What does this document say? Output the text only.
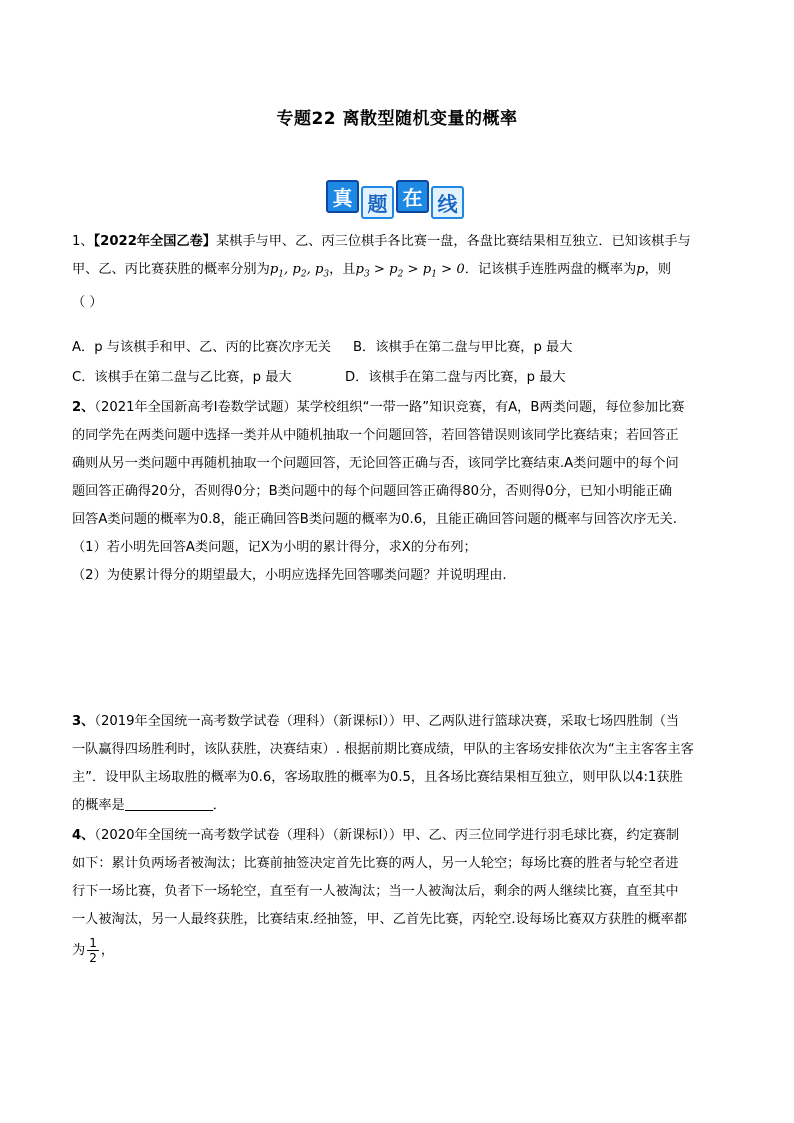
专题22 离散型随机变量的概率
真 题 在 线
1、【2022年全国乙卷】某棋手与甲、乙、丙三位棋手各比赛一盘，各盘比赛结果相互独立．已知该棋手与
甲、乙、丙比赛获胜的概率分别为$p_1$, $p_2$, $p_3$，且$p_3 > p_2 > p_1 > 0$．记该棋手连胜两盘的概率为p，则
（ ）
A．p 与该棋手和甲、乙、丙的比赛次序无关 B．该棋手在第二盘与甲比赛，p 最大
C．该棋手在第二盘与乙比赛，p 最大	D．该棋手在第二盘与丙比赛，p 最大
2、（2021年全国新高考Ⅰ卷数学试题）某学校组织“一带一路”知识竞赛，有A，B两类问题，每位参加比赛
的同学先在两类问题中选择一类并从中随机抽取一个问题回答，若回答错误则该同学比赛结束；若回答正
确则从另一类问题中再随机抽取一个问题回答，无论回答正确与否，该同学比赛结束.A类问题中的每个问
题回答正确得20分，否则得0分；B类问题中的每个问题回答正确得80分，否则得0分，已知小明能正确
回答A类问题的概率为0.8，能正确回答B类问题的概率为0.6，且能正确回答问题的概率与回答次序无关.
（1）若小明先回答A类问题，记X为小明的累计得分，求X的分布列；
（2）为使累计得分的期望最大，小明应选择先回答哪类问题？并说明理由.
3、（2019年全国统一高考数学试卷（理科）（新课标Ⅰ））甲、乙两队进行篮球决赛，采取七场四胜制（当
一队赢得四场胜利时，该队获胜，决赛结束）. 根据前期比赛成绩，甲队的主客场安排依次为“主主客客主客
主”．设甲队主场取胜的概率为0.6，客场取胜的概率为0.5，且各场比赛结果相互独立，则甲队以4:1获胜
的概率是	．
4、（2020年全国统一高考数学试卷（理科）（新课标Ⅰ））甲、乙、丙三位同学进行羽毛球比赛，约定赛制
如下：累计负两场者被淘汰；比赛前抽签决定首先比赛的两人，另一人轮空；每场比赛的胜者与轮空者进
行下一场比赛，负者下一场轮空，直至有一人被淘汰；当一人被淘汰后，剩余的两人继续比赛，直至其中
一人被淘汰，另一人最终获胜，比赛结束.经抽签，甲、乙首先比赛，丙轮空.设每场比赛双方获胜的概率都
为 $\frac{1}{2}$ ，
